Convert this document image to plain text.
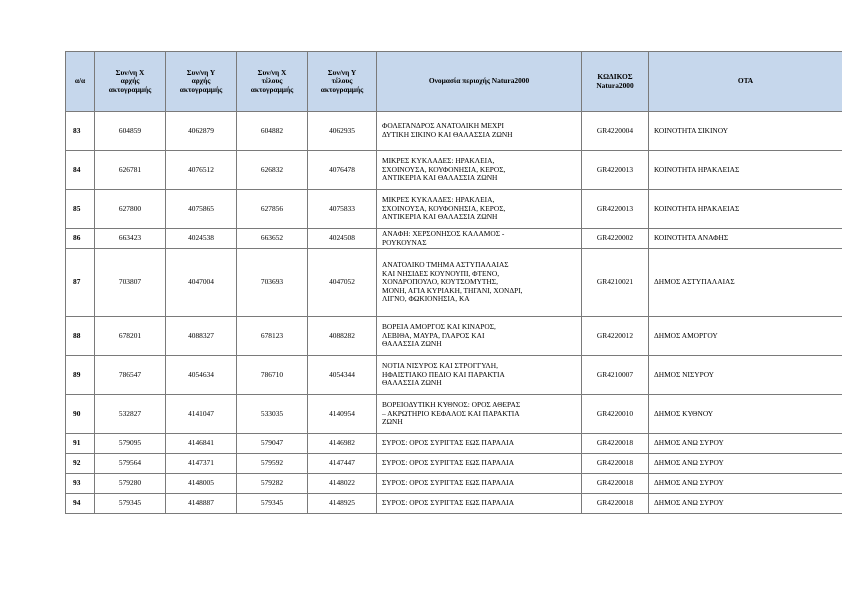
α/α	Συν/νη Χ
αρχής
ακτογραμμής	Συν/νη Υ
αρχής
ακτογραμμής	Συν/νη Χ
τέλους
ακτογραμμής	Συν/νη Υ
τέλους
ακτογραμμής	Ονομασία περιοχής Natura2000	ΚΩΔΙΚΟΣ
Natura2000	ΟΤΑ
83	604859	4062879	604882	4062935	ΦΟΛΕΓΑΝΔΡΟΣ ΑΝΑΤΟΛΙΚΗ ΜΕΧΡΙ
ΔΥΤΙΚΗ ΣΙΚΙΝΟ ΚΑΙ ΘΑΛΑΣΣΙΑ ΖΩΝΗ	GR4220004	ΚΟΙΝΟΤΗΤΑ ΣΙΚΙΝΟΥ
84	626781	4076512	626832	4076478	ΜΙΚΡΕΣ ΚΥΚΛΑΔΕΣ: ΗΡΑΚΛΕΙΑ,
ΣΧΟΙΝΟΥΣΑ, ΚΟΥΦΟΝΗΣΙΑ, ΚΕΡΟΣ,
ΑΝΤΙΚΕΡΙΑ ΚΑΙ ΘΑΛΑΣΣΙΑ ΖΩΝΗ	GR4220013	ΚΟΙΝΟΤΗΤΑ ΗΡΑΚΛΕΙΑΣ
85	627800	4075865	627856	4075833	ΜΙΚΡΕΣ ΚΥΚΛΑΔΕΣ: ΗΡΑΚΛΕΙΑ,
ΣΧΟΙΝΟΥΣΑ, ΚΟΥΦΟΝΗΣΙΑ, ΚΕΡΟΣ,
ΑΝΤΙΚΕΡΙΑ ΚΑΙ ΘΑΛΑΣΣΙΑ ΖΩΝΗ	GR4220013	ΚΟΙΝΟΤΗΤΑ ΗΡΑΚΛΕΙΑΣ
86	663423	4024538	663652	4024508	ΑΝΑΦΗ: ΧΕΡΣΟΝΗΣΟΣ ΚΑΛΑΜΟΣ -
ΡΟΥΚΟΥΝΑΣ	GR4220002	ΚΟΙΝΟΤΗΤΑ ΑΝΑΦΗΣ
87	703807	4047004	703693	4047052	ΑΝΑΤΟΛΙΚΟ ΤΜΗΜΑ ΑΣΤΥΠΑΛΑΙΑΣ
ΚΑΙ ΝΗΣΙΔΕΣ ΚΟΥΝΟΥΠΙ, ΦΤΕΝΟ,
ΧΟΝΔΡΟΠΟΥΛΟ, ΚΟΥΤΣΟΜΥΤΗΣ,
ΜΟΝΗ, ΑΓΙΑ ΚΥΡΙΑΚΗ, ΤΗΓΑΝΙ, ΧΟΝΔΡΙ,
ΛΙΓΝΟ, ΦΩΚΙΟΝΗΣΙΑ, ΚΑ	GR4210021	ΔΗΜΟΣ ΑΣΤΥΠΑΛΑΙΑΣ
88	678201	4088327	678123	4088282	ΒΟΡΕΙΑ ΑΜΟΡΓΟΣ ΚΑΙ ΚΙΝΑΡΟΣ,
ΛΕΒΙΘΑ, ΜΑΥΡΑ, ΓΛΑΡΟΣ ΚΑΙ
ΘΑΛΑΣΣΙΑ ΖΩΝΗ	GR4220012	ΔΗΜΟΣ ΑΜΟΡΓΟΥ
89	786547	4054634	786710	4054344	ΝΟΤΙΑ ΝΙΣΥΡΟΣ ΚΑΙ ΣΤΡΟΓΓΥΛΗ,
ΗΦΑΙΣΤΙΑΚΟ ΠΕΔΙΟ ΚΑΙ ΠΑΡΑΚΤΙΑ
ΘΑΛΑΣΣΙΑ ΖΩΝΗ	GR4210007	ΔΗΜΟΣ ΝΙΣΥΡΟΥ
90	532827	4141047	533035	4140954	ΒΟΡΕΙΟΔΥΤΙΚΗ ΚΥΘΝΟΣ: ΟΡΟΣ ΑΘΕΡΑΣ
– ΑΚΡΩΤΗΡΙΟ ΚΕΦΑΛΟΣ ΚΑΙ ΠΑΡΑΚΤΙΑ
ΖΩΝΗ	GR4220010	ΔΗΜΟΣ ΚΥΘΝΟΥ
91	579095	4146841	579047	4146982	ΣΥΡΟΣ: ΟΡΟΣ ΣΥΡΙΓΓΑΣ ΕΩΣ ΠΑΡΑΛΙΑ	GR4220018	ΔΗΜΟΣ ΑΝΩ ΣΥΡΟΥ
92	579564	4147371	579592	4147447	ΣΥΡΟΣ: ΟΡΟΣ ΣΥΡΙΓΓΑΣ ΕΩΣ ΠΑΡΑΛΙΑ	GR4220018	ΔΗΜΟΣ ΑΝΩ ΣΥΡΟΥ
93	579280	4148005	579282	4148022	ΣΥΡΟΣ: ΟΡΟΣ ΣΥΡΙΓΓΑΣ ΕΩΣ ΠΑΡΑΛΙΑ	GR4220018	ΔΗΜΟΣ ΑΝΩ ΣΥΡΟΥ
94	579345	4148887	579345	4148925	ΣΥΡΟΣ: ΟΡΟΣ ΣΥΡΙΓΓΑΣ ΕΩΣ ΠΑΡΑΛΙΑ	GR4220018	ΔΗΜΟΣ ΑΝΩ ΣΥΡΟΥ
